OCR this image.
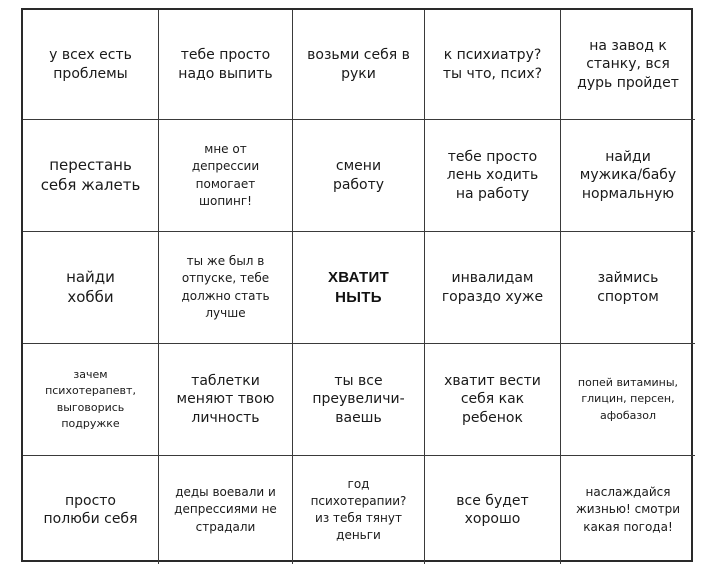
у всех есть
проблемы
тебе просто
надо выпить
возьми себя в
руки
к психиатру?
ты что, псих?
на завод к
станку, вся
дурь пройдет
перестань
себя жалеть
мне от
депрессии
помогает
шопинг!
смени
работу
тебе просто
лень ходить
на работу
найди
мужика/бабу
нормальную
найди
хобби
ты же был в
отпуске, тебе
должно стать
лучше
ХВАТИТ
НЫТЬ
инвалидам
гораздо хуже
займись
спортом
зачем
психотерапевт,
выговорись
подружке
таблетки
меняют твою
личность
ты все
преувеличи-
ваешь
хватит вести
себя как
ребенок
попей витамины,
глицин, персен,
афобазол
просто
полюби себя
деды воевали и
депрессиями не
страдали
год
психотерапии?
из тебя тянут
деньги
все будет
хорошо
наслаждайся
жизнью! смотри
какая погода!
